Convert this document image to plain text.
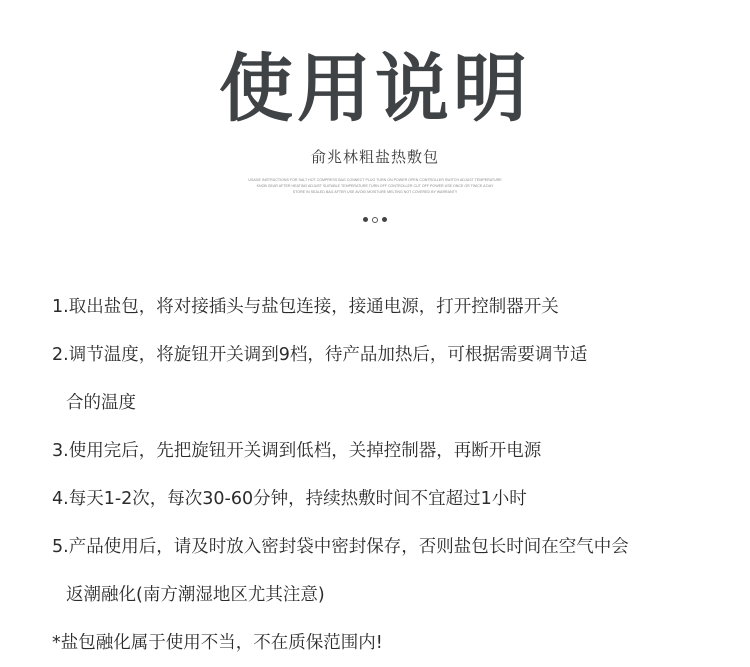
使用说明
俞兆林粗盐热敷包
USAGE INSTRUCTIONS FOR SALT HOT COMPRESS BAG CONNECT PLUG TURN ON POWER OPEN CONTROLLER SWITCH ADJUST TEMPERATURE
KNOB GEAR AFTER HEATING ADJUST SUITABLE TEMPERATURE TURN OFF CONTROLLER CUT OFF POWER USE ONCE OR TWICE A DAY
STORE IN SEALED BAG AFTER USE AVOID MOISTURE MELTING NOT COVERED BY WARRANTY
1.取出盐包，将对接插头与盐包连接，接通电源，打开控制器开关
2.调节温度，将旋钮开关调到9档，待产品加热后，可根据需要调节适
合的温度
3.使用完后，先把旋钮开关调到低档，关掉控制器，再断开电源
4.每天1-2次，每次30-60分钟，持续热敷时间不宜超过1小时
5.产品使用后，请及时放入密封袋中密封保存，否则盐包长时间在空气中会
返潮融化(南方潮湿地区尤其注意)
*盐包融化属于使用不当，不在质保范围内!
